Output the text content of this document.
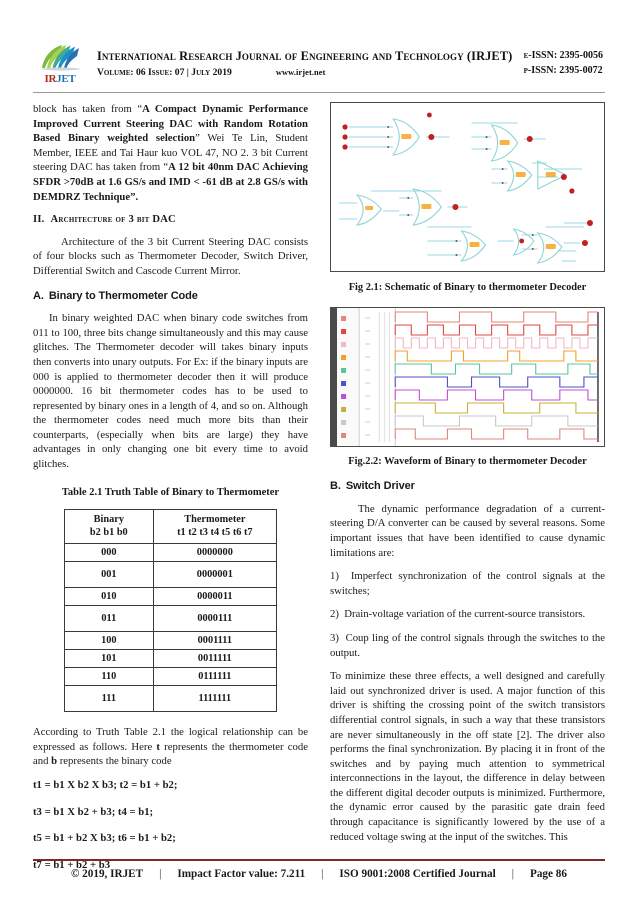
IRJET
International Research Journal of Engineering and Technology (IRJET)
Volume: 06 Issue: 07 | July 2019	www.irjet.net
e-ISSN: 2395-0056
p-ISSN: 2395-0072

block has taken from “A Compact Dynamic Performance Improved Current Steering DAC with Random Rotation Based Binary weighted selection” Wei Te Lin, Student Member, IEEE and Tai Haur kuo VOL 47, NO 2. 3 bit Current steering DAC has taken from “A 12 bit 40nm DAC Achieving SFDR >70dB at 1.6 GS/s and IMD < -61 dB at 2.8 GS/s with DEMDRZ Technique”.

II. Architecture of 3 bit DAC

Architecture of the 3 bit Current Steering DAC consists of four blocks such as Thermometer Decoder, Switch Driver, Differential Switch and Cascode Current Mirror.

A. Binary to Thermometer Code

In binary weighted DAC when binary code switches from 011 to 100, three bits change simultaneously and this may cause glitches. The Thermometer decoder will takes binary inputs then converts into unary outputs. For Ex: if the binary inputs are 000 is applied to thermometer decoder then it will produce 0000000. 16 bit thermometer codes has to be used to represented by binary ones in a length of 4, and so on. Although the thermometer codes need much more bits than their counterparts, (especially when bits are large) they have advantages in only changing one bit every time to avoid glitches.

Table 2.1 Truth Table of Binary to Thermometer
Binary
b2 b1 b0

Thermometer
t1 t2 t3 t4 t5 t6 t7

000	0000000
001	0000001
010	0000011
011	0000111
100	0001111
101	0011111
110	0111111
111	1111111

According to Truth Table 2.1 the logical relationship can be expressed as follows. Here t represents the thermometer code and b represents the binary code

t1 = b1 X b2 X b3; t2 = b1 + b2;
t3 = b1 X b2 + b3; t4 = b1;
t5 = b1 + b2 X b3; t6 = b1 + b2;
t7 = b1 + b2 + b3
Fig 2.1: Schematic of Binary to thermometer Decoder
Fig.2.2: Waveform of Binary to thermometer Decoder
B. Switch Driver

The dynamic performance degradation of a current-steering D/A converter can be caused by several reasons. Some important issues that have been identified to cause dynamic limitations are:

1) Imperfect synchronization of the control signals at the switches;

2) Drain-voltage variation of the current-source transistors.

3) Coup ling of the control signals through the switches to the output.

To minimize these three effects, a well designed and carefully laid out synchronized driver is used. A major function of this driver is shifting the crossing point of the switch transistors differential control signals, in such a way that these transistors are never simultaneously in the off state [2]. The driver also performs the final synchronization. By placing it in front of the switches and by paying much attention to symmetrical interconnections in the layout, the difference in delay between the different digital decoder outputs is minimized. Furthermore, the dynamic error caused by the parasitic gate drain feed through capacitance is significantly lowered by the use of a reduced voltage swing at the input of the switches. This

© 2019, IRJET | Impact Factor value: 7.211 | ISO 9001:2008 Certified Journal | Page 86
